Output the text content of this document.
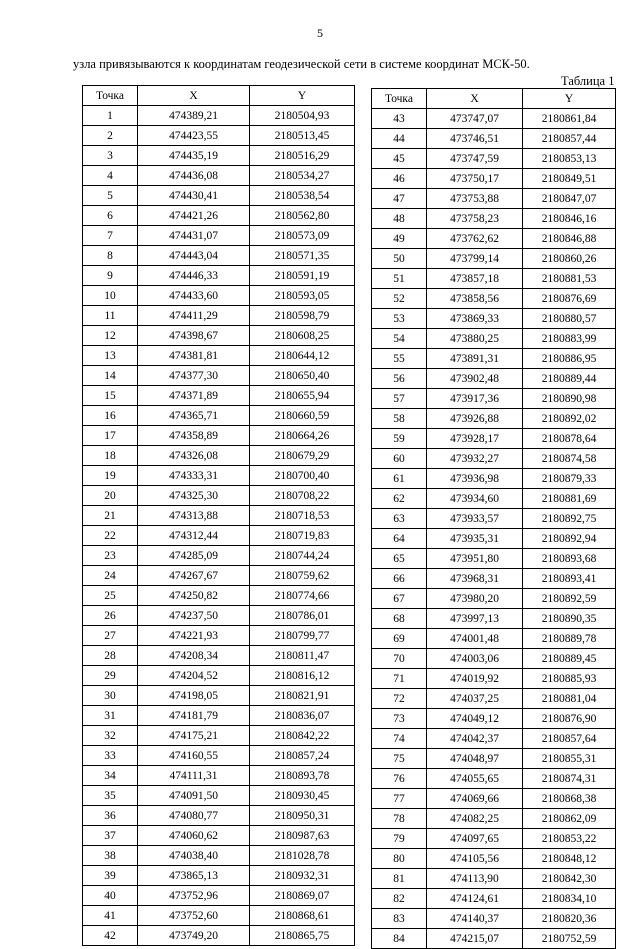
5
узла привязываются к координатам геодезической сети в системе координат МСК-50.
Таблица 1
Точка	X	Y
1	474389,21	2180504,93
2	474423,55	2180513,45
3	474435,19	2180516,29
4	474436,08	2180534,27
5	474430,41	2180538,54
6	474421,26	2180562,80
7	474431,07	2180573,09
8	474443,04	2180571,35
9	474446,33	2180591,19
10	474433,60	2180593,05
11	474411,29	2180598,79
12	474398,67	2180608,25
13	474381,81	2180644,12
14	474377,30	2180650,40
15	474371,89	2180655,94
16	474365,71	2180660,59
17	474358,89	2180664,26
18	474326,08	2180679,29
19	474333,31	2180700,40
20	474325,30	2180708,22
21	474313,88	2180718,53
22	474312,44	2180719,83
23	474285,09	2180744,24
24	474267,67	2180759,62
25	474250,82	2180774,66
26	474237,50	2180786,01
27	474221,93	2180799,77
28	474208,34	2180811,47
29	474204,52	2180816,12
30	474198,05	2180821,91
31	474181,79	2180836,07
32	474175,21	2180842,22
33	474160,55	2180857,24
34	474111,31	2180893,78
35	474091,50	2180930,45
36	474080,77	2180950,31
37	474060,62	2180987,63
38	474038,40	2181028,78
39	473865,13	2180932,31
40	473752,96	2180869,07
41	473752,60	2180868,61
42	473749,20	2180865,75
Точка	X	Y
43	473747,07	2180861,84
44	473746,51	2180857,44
45	473747,59	2180853,13
46	473750,17	2180849,51
47	473753,88	2180847,07
48	473758,23	2180846,16
49	473762,62	2180846,88
50	473799,14	2180860,26
51	473857,18	2180881,53
52	473858,56	2180876,69
53	473869,33	2180880,57
54	473880,25	2180883,99
55	473891,31	2180886,95
56	473902,48	2180889,44
57	473917,36	2180890,98
58	473926,88	2180892,02
59	473928,17	2180878,64
60	473932,27	2180874,58
61	473936,98	2180879,33
62	473934,60	2180881,69
63	473933,57	2180892,75
64	473935,31	2180892,94
65	473951,80	2180893,68
66	473968,31	2180893,41
67	473980,20	2180892,59
68	473997,13	2180890,35
69	474001,48	2180889,78
70	474003,06	2180889,45
71	474019,92	2180885,93
72	474037,25	2180881,04
73	474049,12	2180876,90
74	474042,37	2180857,64
75	474048,97	2180855,31
76	474055,65	2180874,31
77	474069,66	2180868,38
78	474082,25	2180862,09
79	474097,65	2180853,22
80	474105,56	2180848,12
81	474113,90	2180842,30
82	474124,61	2180834,10
83	474140,37	2180820,36
84	474215,07	2180752,59
